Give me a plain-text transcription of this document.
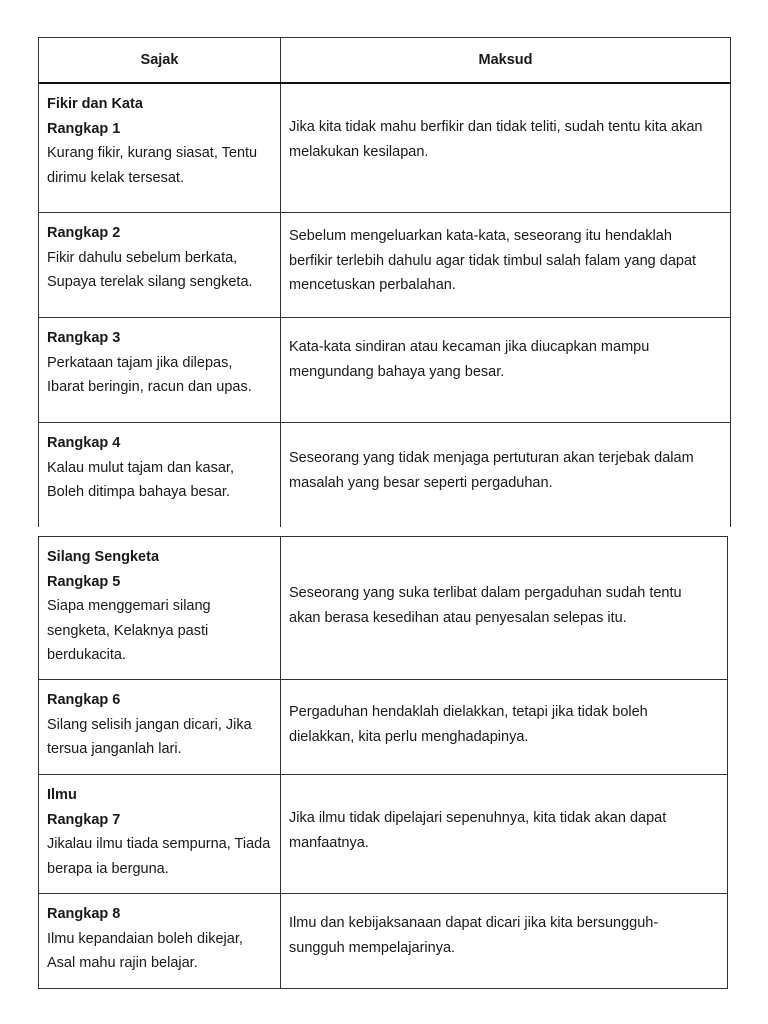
Sajak	Maksud

Fikir dan Kata
Rangkap 1
Kurang fikir, kurang siasat, Tentu
dirimu kelak tersesat.	Jika kita tidak mahu berfikir dan tidak teliti, sudah tentu kita akan
melakukan kesilapan.

Rangkap 2
Fikir dahulu sebelum berkata,
Supaya terelak silang sengketa.	Sebelum mengeluarkan kata-kata, seseorang itu hendaklah
berfikir terlebih dahulu agar tidak timbul salah falam yang dapat
mencetuskan perbalahan.

Rangkap 3
Perkataan tajam jika dilepas,
Ibarat beringin, racun dan upas.	Kata-kata sindiran atau kecaman jika diucapkan mampu
mengundang bahaya yang besar.

Rangkap 4
Kalau mulut tajam dan kasar,
Boleh ditimpa bahaya besar.	Seseorang yang tidak menjaga pertuturan akan terjebak dalam
masalah yang besar seperti pergaduhan.
Silang Sengketa
Rangkap 5
Siapa menggemari silang
sengketa, Kelaknya pasti
berdukacita.	Seseorang yang suka terlibat dalam pergaduhan sudah tentu
akan berasa kesedihan atau penyesalan selepas itu.

Rangkap 6
Silang selisih jangan dicari, Jika
tersua janganlah lari.	Pergaduhan hendaklah dielakkan, tetapi jika tidak boleh
dielakkan, kita perlu menghadapinya.

Ilmu
Rangkap 7
Jikalau ilmu tiada sempurna, Tiada
berapa ia berguna.	Jika ilmu tidak dipelajari sepenuhnya, kita tidak akan dapat
manfaatnya.

Rangkap 8
Ilmu kepandaian boleh dikejar,
Asal mahu rajin belajar.	Ilmu dan kebijaksanaan dapat dicari jika kita bersungguh-
sungguh mempelajarinya.
